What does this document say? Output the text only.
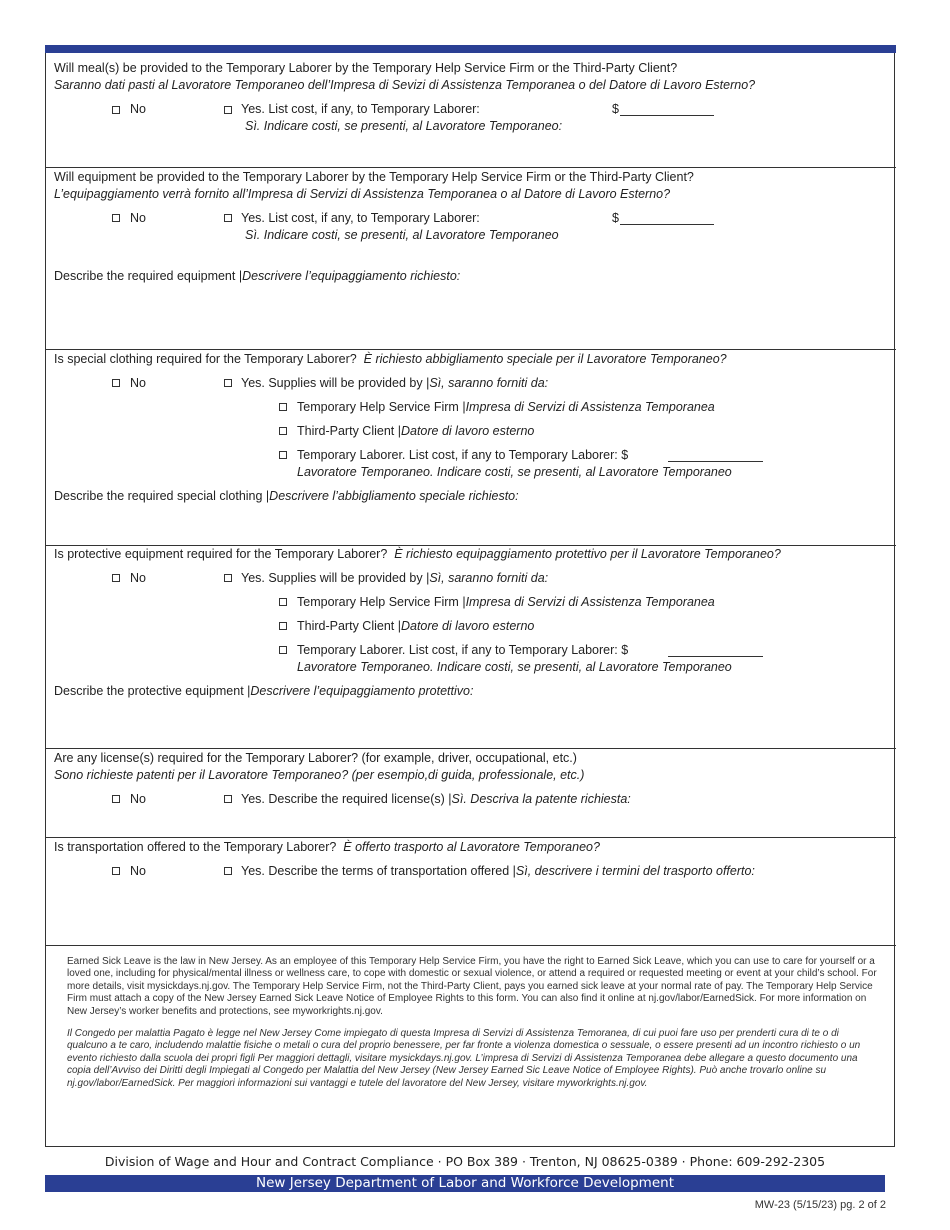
Will meal(s) be provided to the Temporary Laborer by the Temporary Help Service Firm or the Third-Party Client?
Saranno dati pasti al Lavoratore Temporaneo dell’Impresa di Sevizi di Assistenza Temporanea o del Datore di Lavoro Esterno?
No	Yes. List cost, if any, to Temporary Laborer:
Sì. Indicare costi, se presenti, al Lavoratore Temporaneo:
$
Will equipment be provided to the Temporary Laborer by the Temporary Help Service Firm or the Third-Party Client?
L’equipaggiamento verrà fornito all’Impresa di Servizi di Assistenza Temporanea o al Datore di Lavoro Esterno?
No	Yes. List cost, if any, to Temporary Laborer:
Sì. Indicare costi, se presenti, al Lavoratore Temporaneo
$
Describe the required equipment |Descrivere l’equipaggiamento richiesto:
Is special clothing required for the Temporary Laborer? È richiesto abbigliamento speciale per il Lavoratore Temporaneo?
No	Yes. Supplies will be provided by |Sì, saranno forniti da:
Temporary Help Service Firm |Impresa di Servizi di Assistenza Temporanea
Third-Party Client |Datore di lavoro esterno
Temporary Laborer. List cost, if any to Temporary Laborer: $
Lavoratore Temporaneo. Indicare costi, se presenti, al Lavoratore Temporaneo
Describe the required special clothing |Descrivere l’abbigliamento speciale richiesto:
Is protective equipment required for the Temporary Laborer? È richiesto equipaggiamento protettivo per il Lavoratore Temporaneo?
No	Yes. Supplies will be provided by |Sì, saranno forniti da:
Temporary Help Service Firm |Impresa di Servizi di Assistenza Temporanea
Third-Party Client |Datore di lavoro esterno
Temporary Laborer. List cost, if any to Temporary Laborer: $
Lavoratore Temporaneo. Indicare costi, se presenti, al Lavoratore Temporaneo
Describe the protective equipment |Descrivere l’equipaggiamento protettivo:
Are any license(s) required for the Temporary Laborer? (for example, driver, occupational, etc.)
Sono richieste patenti per il Lavoratore Temporaneo? (per esempio,di guida, professionale, etc.)
No	Yes. Describe the required license(s) |Sì. Descriva la patente richiesta:
Is transportation offered to the Temporary Laborer? È offerto trasporto al Lavoratore Temporaneo?
No	Yes. Describe the terms of transportation offered |Sì, descrivere i termini del trasporto offerto:
Earned Sick Leave is the law in New Jersey. As an employee of this Temporary Help Service Firm, you have the right to Earned Sick Leave, which you can use to care for yourself or a loved one, including for physical/mental illness or wellness care, to cope with domestic or sexual violence, or attend a required or requested meeting or event at your child’s school. For more details, visit mysickdays.nj.gov. The Temporary Help Service Firm, not the Third-Party Client, pays you earned sick leave at your normal rate of pay. The Temporary Help Service Firm must attach a copy of the New Jersey Earned Sick Leave Notice of Employee Rights to this form. You can also find it online at nj.gov/labor/EarnedSick. For more information on New Jersey’s worker benefits and protections, see myworkrights.nj.gov.
Il Congedo per malattia Pagato è legge nel New Jersey Come impiegato di questa Impresa di Servizi di Assistenza Temoranea, di cui puoi fare uso per prenderti cura di te o di qualcuno a te caro, includendo malattie fisiche o metali o cura del proprio benessere, per far fronte a violenza domestica o sessuale, o essere presenti ad un incontro richiesto o un evento richiesto dalla scuola dei propri figli Per maggiori dettagli, visitare mysickdays.nj.gov. L’impresa di Servizi di Assistenza Temporanea debe allegare a questo documento una copia dell’Avviso dei Diritti degli Impiegati al Congedo per Malattia del New Jersey (New Jersey Earned Sic Leave Notice of Employee Rights). Può anche trovarlo online su nj.gov/labor/EarnedSick. Per maggiori informazioni sui vantaggi e tutele del lavoratore del New Jersey, visitare myworkrights.nj.gov.
Division of Wage and Hour and Contract Compliance · PO Box 389 · Trenton, NJ 08625-0389 · Phone: 609-292-2305
New Jersey Department of Labor and Workforce Development
MW-23 (5/15/23) pg. 2 of 2
